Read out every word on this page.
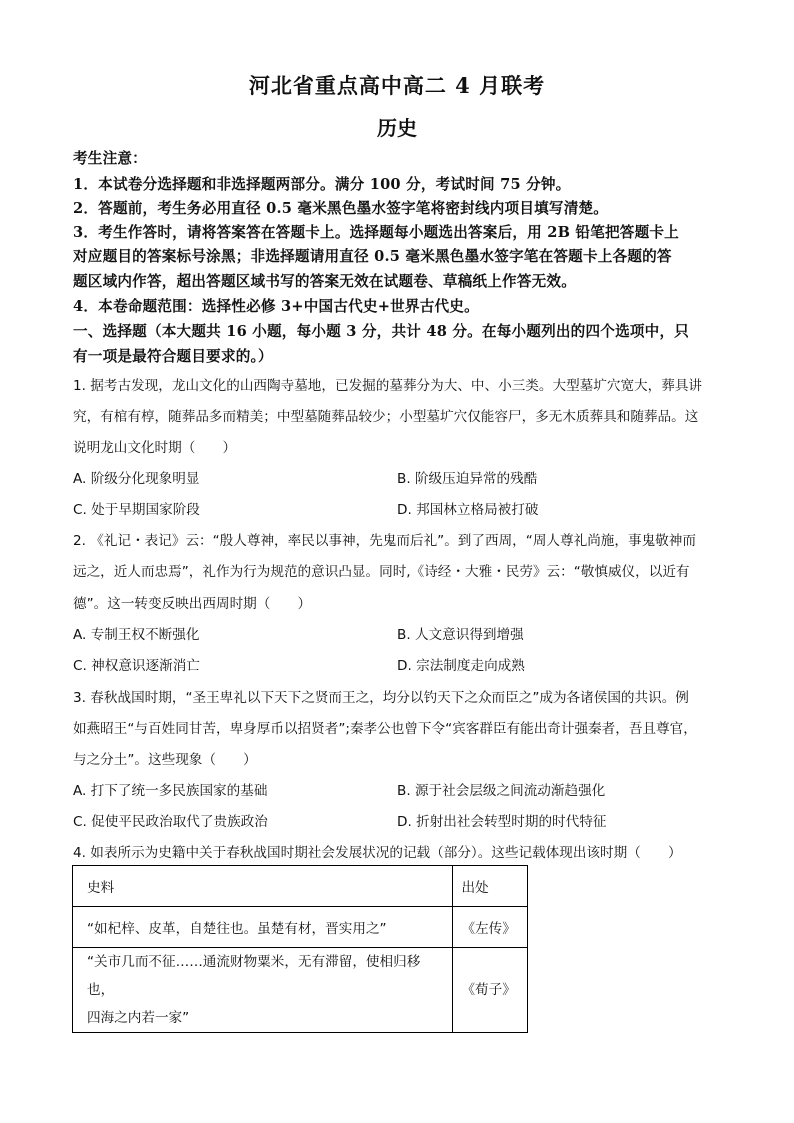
河北省重点高中高二 4 月联考
历史
考生注意：
1．本试卷分选择题和非选择题两部分。满分 100 分，考试时间 75 分钟。
2．答题前，考生务必用直径 0.5 毫米黑色墨水签字笔将密封线内项目填写清楚。
3．考生作答时，请将答案答在答题卡上。选择题每小题选出答案后，用 2B 铅笔把答题卡上
对应题目的答案标号涂黑；非选择题请用直径 0.5 毫米黑色墨水签字笔在答题卡上各题的答
题区域内作答，超出答题区域书写的答案无效在试题卷、草稿纸上作答无效。
4．本卷命题范围：选择性必修 3+中国古代史+世界古代史。
一、选择题（本大题共 16 小题，每小题 3 分，共计 48 分。在每小题列出的四个选项中，只
有一项是最符合题目要求的。）
1. 据考古发现，龙山文化的山西陶寺墓地，已发掘的墓葬分为大、中、小三类。大型墓圹穴宽大，葬具讲
究，有棺有椁，随葬品多而精美；中型墓随葬品较少；小型墓圹穴仅能容尸，多无木质葬具和随葬品。这
说明龙山文化时期（　　）
A. 阶级分化现象明显	B. 阶级压迫异常的残酷
C. 处于早期国家阶段	D. 邦国林立格局被打破
2. 《礼记・表记》云：“殷人尊神，率民以事神，先鬼而后礼”。到了西周，“周人尊礼尚施，事鬼敬神而
远之，近人而忠焉”，礼作为行为规范的意识凸显。同时,《诗经・大雅・民劳》云：“敬慎威仪，以近有
德”。这一转变反映出西周时期（　　）
A. 专制王权不断强化	B. 人文意识得到增强
C. 神权意识逐渐消亡	D. 宗法制度走向成熟
3. 春秋战国时期，“圣王卑礼以下天下之贤而王之，均分以钓天下之众而臣之”成为各诸侯国的共识。例
如燕昭王“与百姓同甘苦，卑身厚币以招贤者”;秦孝公也曾下令“宾客群臣有能出奇计强秦者，吾且尊官，
与之分土”。这些现象（　　）
A. 打下了统一多民族国家的基础	B. 源于社会层级之间流动渐趋强化
C. 促使平民政治取代了贵族政治	D. 折射出社会转型时期的时代特征
4. 如表所示为史籍中关于春秋战国时期社会发展状况的记载（部分）。这些记载体现出该时期（　　）
史料	出处
“如杞梓、皮革，自楚往也。虽楚有材，晋实用之”	《左传》

“关市几而不征……通流财物粟米，无有滞留，使相归移也，
四海之内若一家”	《荀子》
